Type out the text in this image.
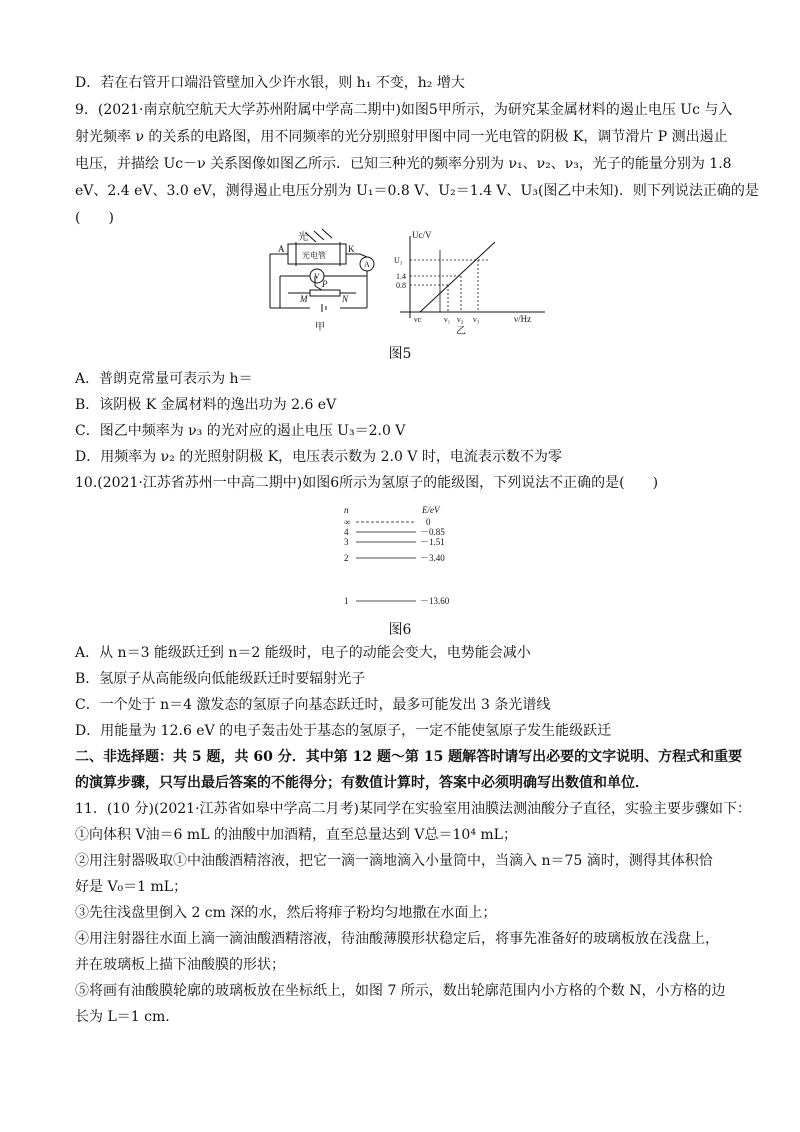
D．若在右管开口端沿管壁加入少许水银，则 h₁ 不变，h₂ 增大
9．(2021·南京航空航天大学苏州附属中学高二期中)如图5甲所示，为研究某金属材料的遏止电压 Uc 与入
射光频率 ν 的关系的电路图，用不同频率的光分别照射甲图中同一光电管的阴极 K，调节滑片 P 测出遏止
电压，并描绘 Uc－ν 关系图像如图乙所示．已知三种光的频率分别为 ν₁、ν₂、ν₃，光子的能量分别为 1.8
eV、2.4 eV、3.0 eV，测得遏止电压分别为 U₁＝0.8 V、U₂＝1.4 V、U₃(图乙中未知)．则下列说法正确的是
(　　)
A	K
光
光电管
V
A
P
M	N
甲
Uc/V
ν/Hz
U₃
1.4
0.8
νc	ν₁ ν₂ ν₃
乙
图5
A．普朗克常量可表示为 h＝
B．该阴极 K 金属材料的逸出功为 2.6 eV
C．图乙中频率为 ν₃ 的光对应的遏止电压 U₃＝2.0 V
D．用频率为 ν₂ 的光照射阴极 K，电压表示数为 2.0 V 时，电流表示数不为零
10.(2021·江苏省苏州一中高二期中)如图6所示为氢原子的能级图，下列说法不正确的是(　　)
n	E/eV
∞	0
4	－0.85
3	－1.51
2	－3.40
1	－13.60
图6
A．从 n＝3 能级跃迁到 n＝2 能级时，电子的动能会变大，电势能会减小
B．氢原子从高能级向低能级跃迁时要辐射光子
C．一个处于 n＝4 激发态的氢原子向基态跃迁时，最多可能发出 3 条光谱线
D．用能量为 12.6 eV 的电子轰击处于基态的氢原子，一定不能使氢原子发生能级跃迁
二、非选择题：共 5 题，共 60 分．其中第 12 题～第 15 题解答时请写出必要的文字说明、方程式和重要
的演算步骤，只写出最后答案的不能得分；有数值计算时，答案中必须明确写出数值和单位．
11．(10 分)(2021·江苏省如皋中学高二月考)某同学在实验室用油膜法测油酸分子直径，实验主要步骤如下：
①向体积 V油＝6 mL 的油酸中加酒精，直至总量达到 V总＝10⁴ mL；
②用注射器吸取①中油酸酒精溶液，把它一滴一滴地滴入小量筒中，当滴入 n＝75 滴时，测得其体积恰
好是 V₀＝1 mL；
③先往浅盘里倒入 2 cm 深的水，然后将痱子粉均匀地撒在水面上；
④用注射器往水面上滴一滴油酸酒精溶液，待油酸薄膜形状稳定后，将事先准备好的玻璃板放在浅盘上，
并在玻璃板上描下油酸膜的形状；
⑤将画有油酸膜轮廓的玻璃板放在坐标纸上，如图 7 所示，数出轮廓范围内小方格的个数 N，小方格的边
长为 L＝1 cm.
